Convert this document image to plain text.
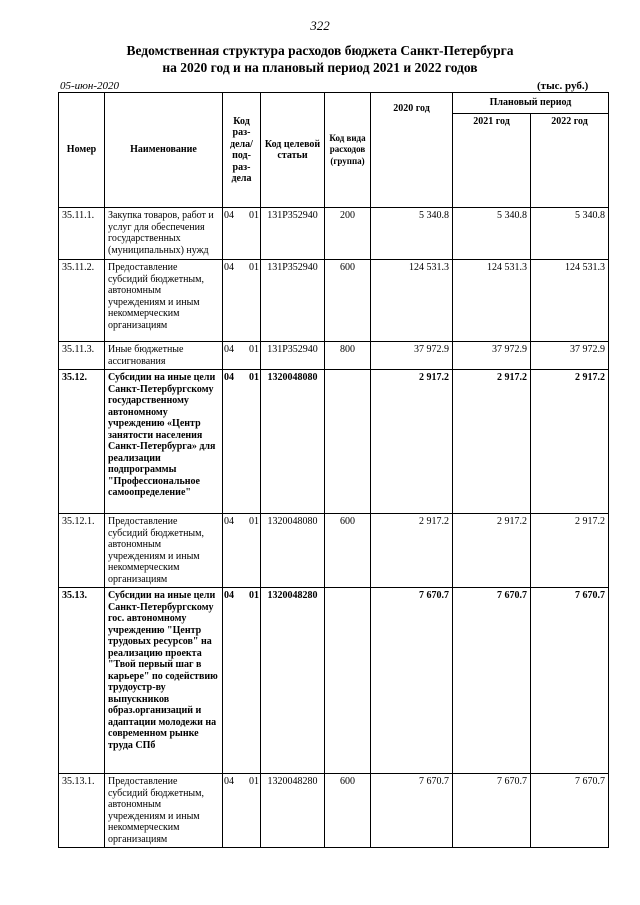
322
Ведомственная структура расходов бюджета Санкт-Петербурга
на 2020 год и на плановый период 2021 и 2022 годов
05-июн-2020	(тыс. руб.)
Номер	Наименование	Код раз-дела/ под-раз-дела	Код целевой статьи	Код вида расходов (группа)	2020 год	Плановый период	
						2021 год	2022 год
35.11.1.	Закупка товаров, работ и услуг для обеспечения государственных (муниципальных) нужд	04 01	131P352940	200	5 340.8	5 340.8	5 340.8
35.11.2.	Предоставление субсидий бюджетным, автономным учреждениям и иным некоммерческим организациям	04 01	131P352940	600	124 531.3	124 531.3	124 531.3
35.11.3.	Иные бюджетные ассигнования	04 01	131P352940	800	37 972.9	37 972.9	37 972.9
35.12.	Субсидии на иные цели Санкт-Петербургскому государственному автономному учреждению «Центр занятости населения Санкт-Петербурга» для реализации подпрограммы "Профессиональное самоопределение"	04 01	1320048080		2 917.2	2 917.2	2 917.2
35.12.1.	Предоставление субсидий бюджетным, автономным учреждениям и иным некоммерческим организациям	04 01	1320048080	600	2 917.2	2 917.2	2 917.2
35.13.	Субсидии на иные цели Санкт-Петербургскому гос. автономному учреждению "Центр трудовых ресурсов" на реализацию проекта "Твой первый шаг в карьере" по содействию трудоустр-ву выпускников образ.организаций и адаптации молодежи на современном рынке труда СПб	04 01	1320048280		7 670.7	7 670.7	7 670.7
35.13.1.	Предоставление субсидий бюджетным, автономным учреждениям и иным некоммерческим организациям	04 01	1320048280	600	7 670.7	7 670.7	7 670.7
